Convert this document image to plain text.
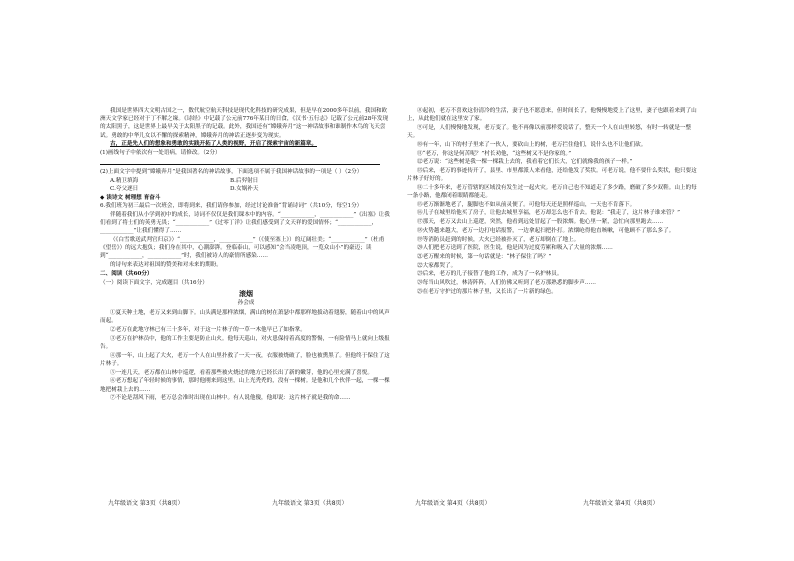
我国是世界四大文明古国之一，数代航空航天科技是现代化科技的研究成果，但是早在2000多年以前，我国和欧洲天文学家已经对于丁不解之缘。《诗经》中记载了公元前776年某日的日食，《汉书·五行志》记载了公元前28年发现的太阳黑子，这是世界上最早关于太阳黑子的记载。此外，我国还有“嫦娥奔月”这一神话故事和谁制作木鸟的飞天尝试。勇敢的中华儿女以不懈的探索精神，嫦娥奔月的神话正逐步变为现实。

古，正是先人们的想象和勇敢的实践开拓了人类的视野，开启了探索宇宙的新篇章。

(1)画线句子中依次有一处语病，请修改。（2分）

(2)上面文字中提到“嫦娥奔月”是我国著名的神话故事，下面选项不属于我国神话故事的一项是（ ）（2分）

A.精卫填海	B.后羿射日
C.夸父逐日	D.女娲补天

◆ 读诗文 树理想 育奋斗

6.我们班为初三最后一次班会，即将到来，我们请你参加，经过讨论准备“背诵诗词”（共10分，每空1分）

伴随着我们从小学到初中的成长，诗词不仅仅是我们课本中的内容。“____________，____________”《出塞》让我们看到了将士们的英勇无畏；“____________”《过零丁洋》让我们感受到了文天祥的爱国情怀；“____________，____________”让我们懂得了……

（《白雪歌送武判官归京》）“____________，____________”（《使至塞上》）的辽阔壮美；“____________”（杜甫《望岳》）的远大抱负；我们身在其中，心潮澎湃。登临泰山，可以感知“会当凌绝顶，一览众山小”的豪迈；读到“____________，____________”时，我们被诗人的豪情所感染……

的诗句来表达对祖国的赞美和对未来的期盼。

二、阅读（共60分）

（一）阅读下面文字，完成题目（共16分）

滚烟
孙会成

①夏天种土地，老万又来到山脚下。山头满是那样浓烟，满山的树在萧瑟中都那样地拔动着翅膀，随着山中的风声而起。

②老万在此地守林已有三十多年，对于这一片林子的一草一木他早已了如指掌。

③老万在护林员中，他的工作主要是防止山火。他每天巡山，对火患保持着高度的警惕，一有险情马上就向上级报告。

④那一年，山上起了大火，老万一个人在山里扑救了一天一夜，衣服被烧破了，脸也被熏黑了。但他终于保住了这片林子。

⑤一连几天，老万都在山林中巡逻，看着那些被火烧过的地方已经长出了新的嫩芽，他的心里充满了喜悦。

⑥老万想起了年轻时候的事情，那时他刚来到这里，山上光秃秃的，没有一棵树。是他和几个伙伴一起，一棵一棵地把树栽上去的……

⑦不论是刮风下雨，老万总会准时出现在山林中。有人说他傻，他却说：这片林子就是我的命……

⑧起初，老万不喜欢这份清冷的生活，妻子也不愿意来，但时间长了，他慢慢地爱上了这里，妻子也跟着来到了山上，从此他们就在这里安了家。

⑨可是，人们慢慢地发现，老万变了。他不再像以前那样爱说话了，整天一个人在山里转悠，有时一转就是一整天。

⑩有一年，山下的村子里来了一伙人，要砍山上的树，老万拦住他们，说什么也不让他们砍。

⑪“老万，你这是何苦呢？”村长劝他，“这些树又不是你家的。”

⑫老万说：“这些树是我一棵一棵栽上去的，我看着它们长大，它们就像我的孩子一样。”

⑬后来，老万的事迹传开了，县里、市里都派人来看他，还给他发了奖状。可老万说，他不要什么奖状，他只要这片林子好好的。

⑭二十多年来，老万管辖的区域没有发生过一起火灾。老万自己也不知道走了多少路，磨破了多少双鞋。山上的每一条小路，他都闭着眼睛都能走。

⑮老万渐渐地老了，腿脚也不如从前灵便了。可他每天还是照样巡山，一天也不肯落下。

⑯儿子在城里给他买了房子，让他去城里享福，老万却怎么也不肯去。他说：“我走了，这片林子谁来管？”

⑰那天，老万又去山上巡逻，突然，他看到远处冒起了一股浓烟。他心里一紧，急忙向那里跑去……

⑱火势越来越大，老万一边打电话报警，一边拿起扫把扑打。浓烟呛得他直咳嗽，可他顾不了那么多了。

⑲等消防员赶到的时候，大火已经被扑灭了，老万却倒在了地上。

⑳人们把老万送到了医院，医生说，他是因为过度劳累和吸入了大量的浓烟……

㉑老万醒来的时候，第一句话就是：“林子保住了吗？”

㉒大家都哭了。

㉓后来，老万的儿子接替了他的工作，成为了一名护林员。

㉔每当山风吹过，林涛阵阵，人们仿佛又听到了老万那熟悉的脚步声……

㉕在老万守护过的那片林子里，又长出了一片新的绿色。

九年级语文 第3页（共8页）	九年级语文 第3页（共8页）	九年级语文 第4页（共8页）	九年级语文 第4页（共8页）
